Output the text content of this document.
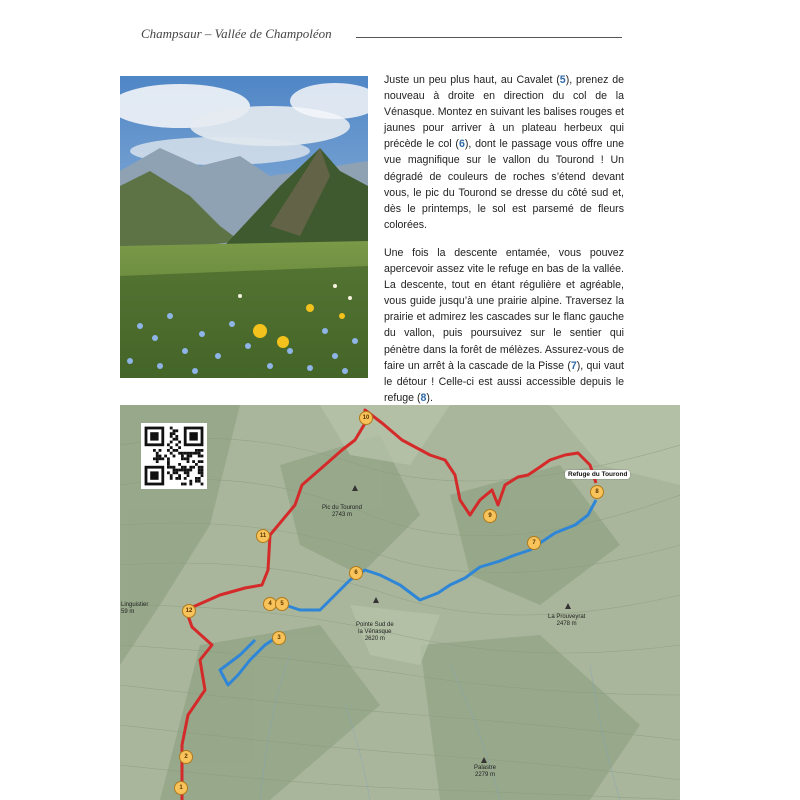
Champsaur – Vallée de Champoléon

Juste un peu plus haut, au Cavalet (5), prenez de nouveau à droite en direction du col de la Vénasque. Montez en suivant les balises rouges et jaunes pour arriver à un plateau herbeux qui précède le col (6), dont le passage vous offre une vue magnifique sur le vallon du Tourond ! Un dégradé de couleurs de roches s’étend devant vous, le pic du Tourond se dresse du côté sud et, dès le printemps, le sol est parsemé de fleurs colorées.

Une fois la descente entamée, vous pouvez apercevoir assez vite le refuge en bas de la vallée. La descente, tout en étant régulière et agréable, vous guide jusqu’à une prairie alpine. Traversez la prairie et admirez les cascades sur le flanc gauche du vallon, puis poursuivez sur le sentier qui pénètre dans la forêt de mélèzes. Assurez-vous de faire un arrêt à la cascade de la Pisse (7), qui vaut le détour ! Celle-ci est aussi accessible depuis le refuge (8).

Pic du Tourond
2743 m
Pointe Sud de
la Vénasque
2620 m
La Prouveyrat
2478 m
Palastre
2279 m
Linguistier
59 m
Refuge du Tourond
1
2
3
4	5
6
7
8
9
10
11
12
